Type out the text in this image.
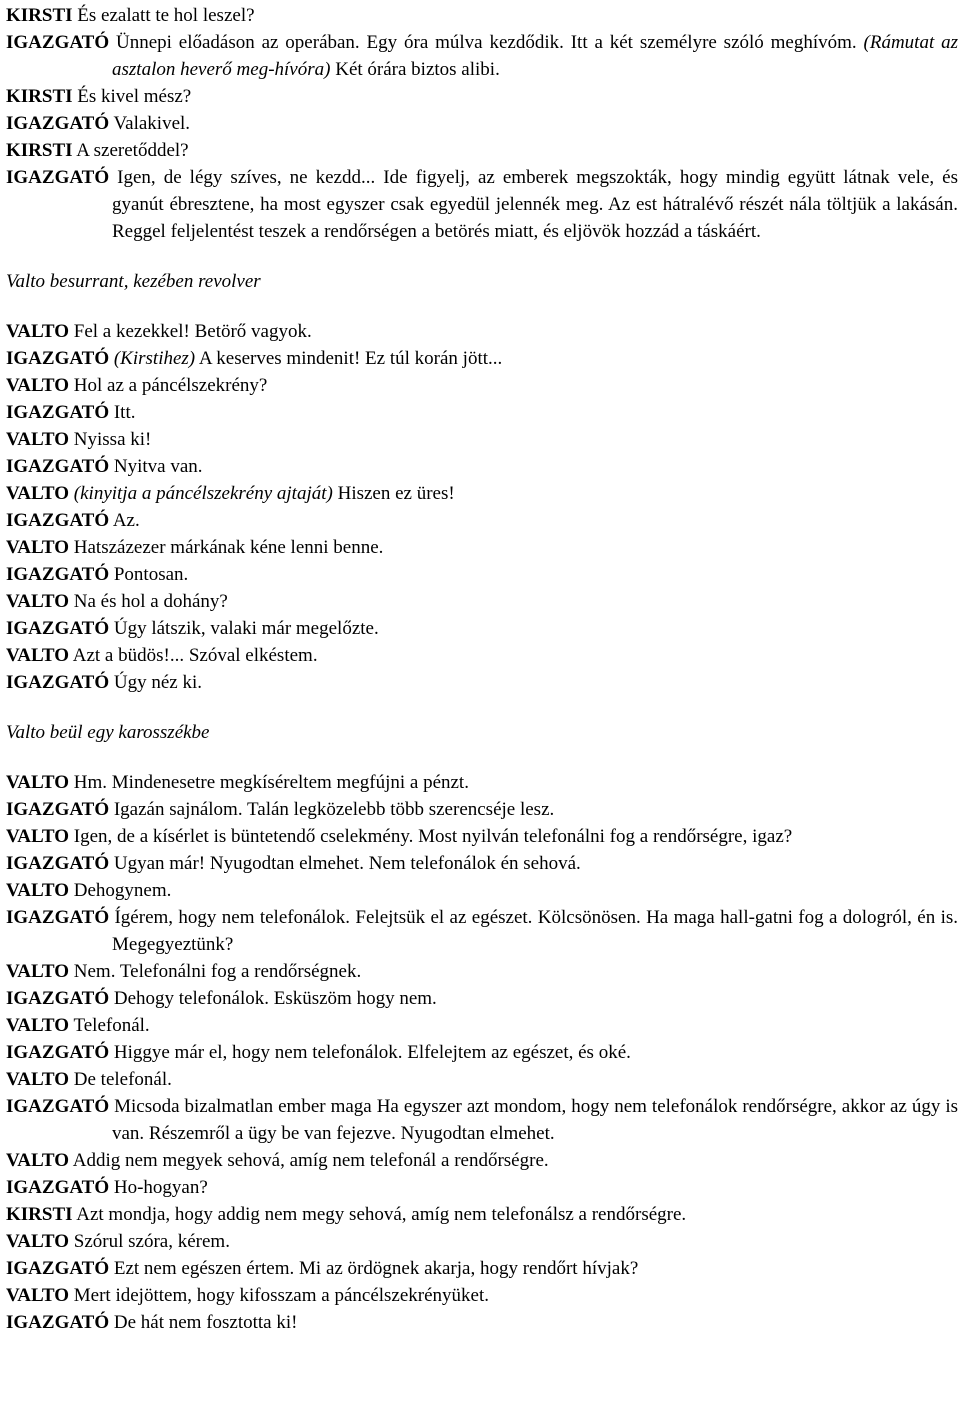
KIRSTI És ezalatt te hol leszel?

IGAZGATÓ Ünnepi előadáson az operában. Egy óra múlva kezdődik. Itt a két személyre szóló meghívóm. (Rámutat az asztalon heverő meg-hívóra) Két órára biztos alibi.

KIRSTI És kivel mész?

IGAZGATÓ Valakivel.

KIRSTI A szeretőddel?

IGAZGATÓ Igen, de légy szíves, ne kezdd... Ide figyelj, az emberek megszokták, hogy mindig együtt látnak vele, és gyanút ébresztene, ha most egyszer csak egyedül jelennék meg. Az est hátralévő részét nála töltjük a lakásán. Reggel feljelentést teszek a rendőrségen a betörés miatt, és eljövök hozzád a táskáért.

Valto besurrant, kezében revolver

VALTO Fel a kezekkel! Betörő vagyok.

IGAZGATÓ (Kirstihez) A keserves mindenit! Ez túl korán jött...

VALTO Hol az a páncélszekrény?

IGAZGATÓ Itt.

VALTO Nyissa ki!

IGAZGATÓ Nyitva van.

VALTO (kinyitja a páncélszekrény ajtaját) Hiszen ez üres!

IGAZGATÓ Az.

VALTO Hatszázezer márkának kéne lenni benne.

IGAZGATÓ Pontosan.

VALTO Na és hol a dohány?

IGAZGATÓ Úgy látszik, valaki már megelőzte.

VALTO Azt a büdös!... Szóval elkéstem.

IGAZGATÓ Úgy néz ki.

Valto beül egy karosszékbe

VALTO Hm. Mindenesetre megkíséreltem megfújni a pénzt.

IGAZGATÓ Igazán sajnálom. Talán legközelebb több szerencséje lesz.

VALTO Igen, de a kísérlet is büntetendő cselekmény. Most nyilván telefonálni fog a rendőrségre, igaz?

IGAZGATÓ Ugyan már! Nyugodtan elmehet. Nem telefonálok én sehová.

VALTO Dehogynem.

IGAZGATÓ Ígérem, hogy nem telefonálok. Felejtsük el az egészet. Kölcsönösen. Ha maga hall-gatni fog a dologról, én is. Megegyeztünk?

VALTO Nem. Telefonálni fog a rendőrségnek.

IGAZGATÓ Dehogy telefonálok. Esküszöm hogy nem.

VALTO Telefonál.

IGAZGATÓ Higgye már el, hogy nem telefonálok. Elfelejtem az egészet, és oké.

VALTO De telefonál.

IGAZGATÓ Micsoda bizalmatlan ember maga Ha egyszer azt mondom, hogy nem telefonálok rendőrségre, akkor az úgy is van. Részemről a ügy be van fejezve. Nyugodtan elmehet.

VALTO Addig nem megyek sehová, amíg nem telefonál a rendőrségre.

IGAZGATÓ Ho-hogyan?

KIRSTI Azt mondja, hogy addig nem megy sehová, amíg nem telefonálsz a rendőrségre.

VALTO Szórul szóra, kérem.

IGAZGATÓ Ezt nem egészen értem. Mi az ördögnek akarja, hogy rendőrt hívjak?

VALTO Mert idejöttem, hogy kifosszam a páncélszekrényüket.

IGAZGATÓ De hát nem fosztotta ki!
